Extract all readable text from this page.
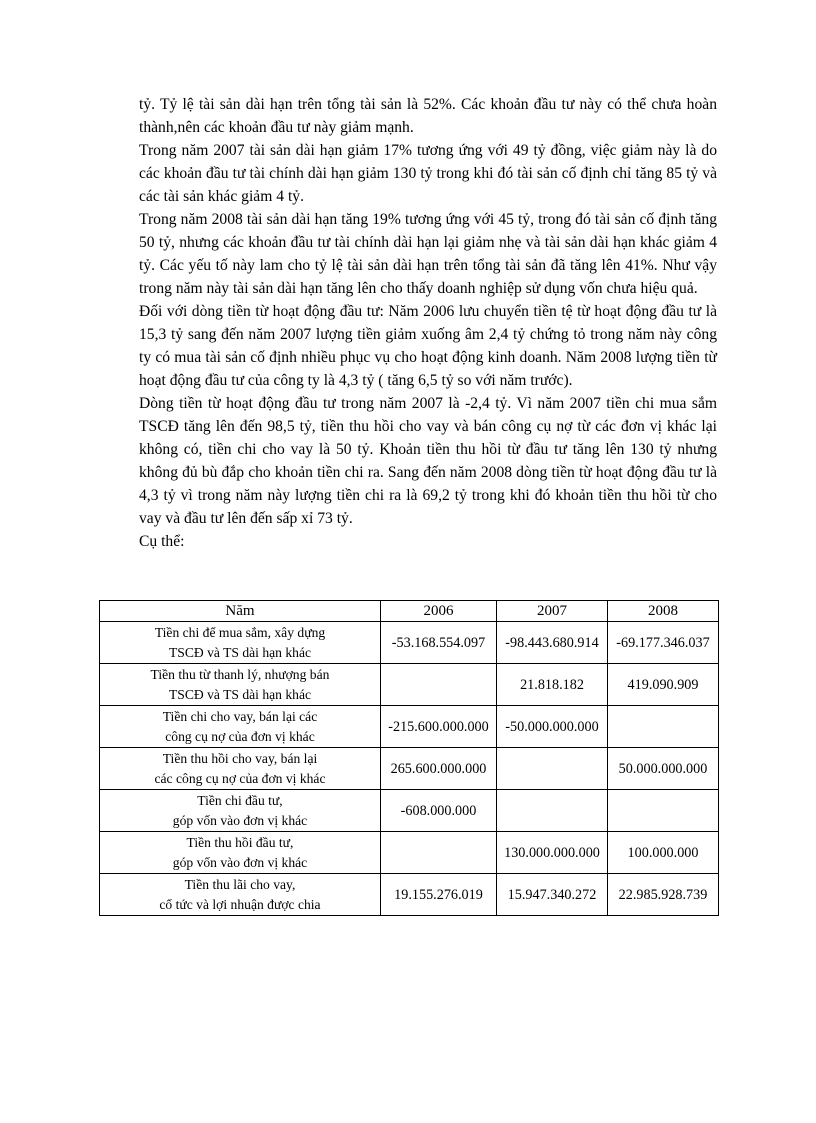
tỷ. Tỷ lệ tài sản dài hạn trên tổng tài sản là 52%. Các khoản đầu tư này có thể chưa hoàn thành,nên các khoản đầu tư này giảm mạnh.

Trong năm 2007 tài sản dài hạn giảm 17% tương ứng với 49 tỷ đồng, việc giảm này là do các khoản đầu tư tài chính dài hạn giảm 130 tỷ trong khi đó tài sản cố định chỉ tăng 85 tỷ và các tài sản khác giảm 4 tỷ.

Trong năm 2008 tài sản dài hạn tăng 19% tương ứng với 45 tỷ, trong đó tài sản cố định tăng 50 tỷ, nhưng các khoản đầu tư tài chính dài hạn lại giảm nhẹ và tài sản dài hạn khác giảm 4 tỷ. Các yếu tố này lam cho tỷ lệ tài sản dài hạn trên tổng tài sản đã tăng lên 41%. Như vậy trong năm này tài sản dài hạn tăng lên cho thấy doanh nghiệp sử dụng vốn chưa hiệu quả.

Đối với dòng tiền từ hoạt động đầu tư: Năm 2006 lưu chuyển tiền tệ từ hoạt động đầu tư là 15,3 tỷ sang đến năm 2007 lượng tiền giảm xuống âm 2,4 tỷ chứng tỏ trong năm này công ty có mua tài sản cố định nhiều phục vụ cho hoạt động kinh doanh. Năm 2008 lượng tiền từ hoạt động đầu tư của công ty là 4,3 tỷ ( tăng 6,5 tỷ so với năm trước).

Dòng tiền từ hoạt động đầu tư trong năm 2007 là -2,4 tỷ. Vì năm 2007 tiền chi mua sắm TSCĐ tăng lên đến 98,5 tỷ, tiền thu hồi cho vay và bán công cụ nợ từ các đơn vị khác lại không có, tiền chi cho vay là 50 tỷ. Khoản tiền thu hồi từ đầu tư tăng lên 130 tỷ nhưng không đủ bù đắp cho khoản tiền chi ra. Sang đến năm 2008 dòng tiền từ hoạt động đầu tư là 4,3 tỷ vì trong năm này lượng tiền chi ra là 69,2 tỷ trong khi đó khoản tiền thu hồi từ cho vay và đầu tư lên đến sấp xỉ 73 tỷ.

Cụ thể:

Năm	2006	2007	2008

Tiền chi để mua sắm, xây dựng
TSCĐ và TS dài hạn khác	-53.168.554.097	-98.443.680.914	-69.177.346.037

Tiền thu từ thanh lý, nhượng bán
TSCĐ và TS dài hạn khác		21.818.182	419.090.909

Tiền chi cho vay, bán lại các
công cụ nợ của đơn vị khác	-215.600.000.000	-50.000.000.000	

Tiền thu hồi cho vay, bán lại
các công cụ nợ của đơn vị khác	265.600.000.000		50.000.000.000

Tiền chi đầu tư,
góp vốn vào đơn vị khác	-608.000.000		

Tiền thu hồi đầu tư,
góp vốn vào đơn vị khác		130.000.000.000	100.000.000

Tiền thu lãi cho vay,
cổ tức và lợi nhuận được chia	19.155.276.019	15.947.340.272	22.985.928.739
